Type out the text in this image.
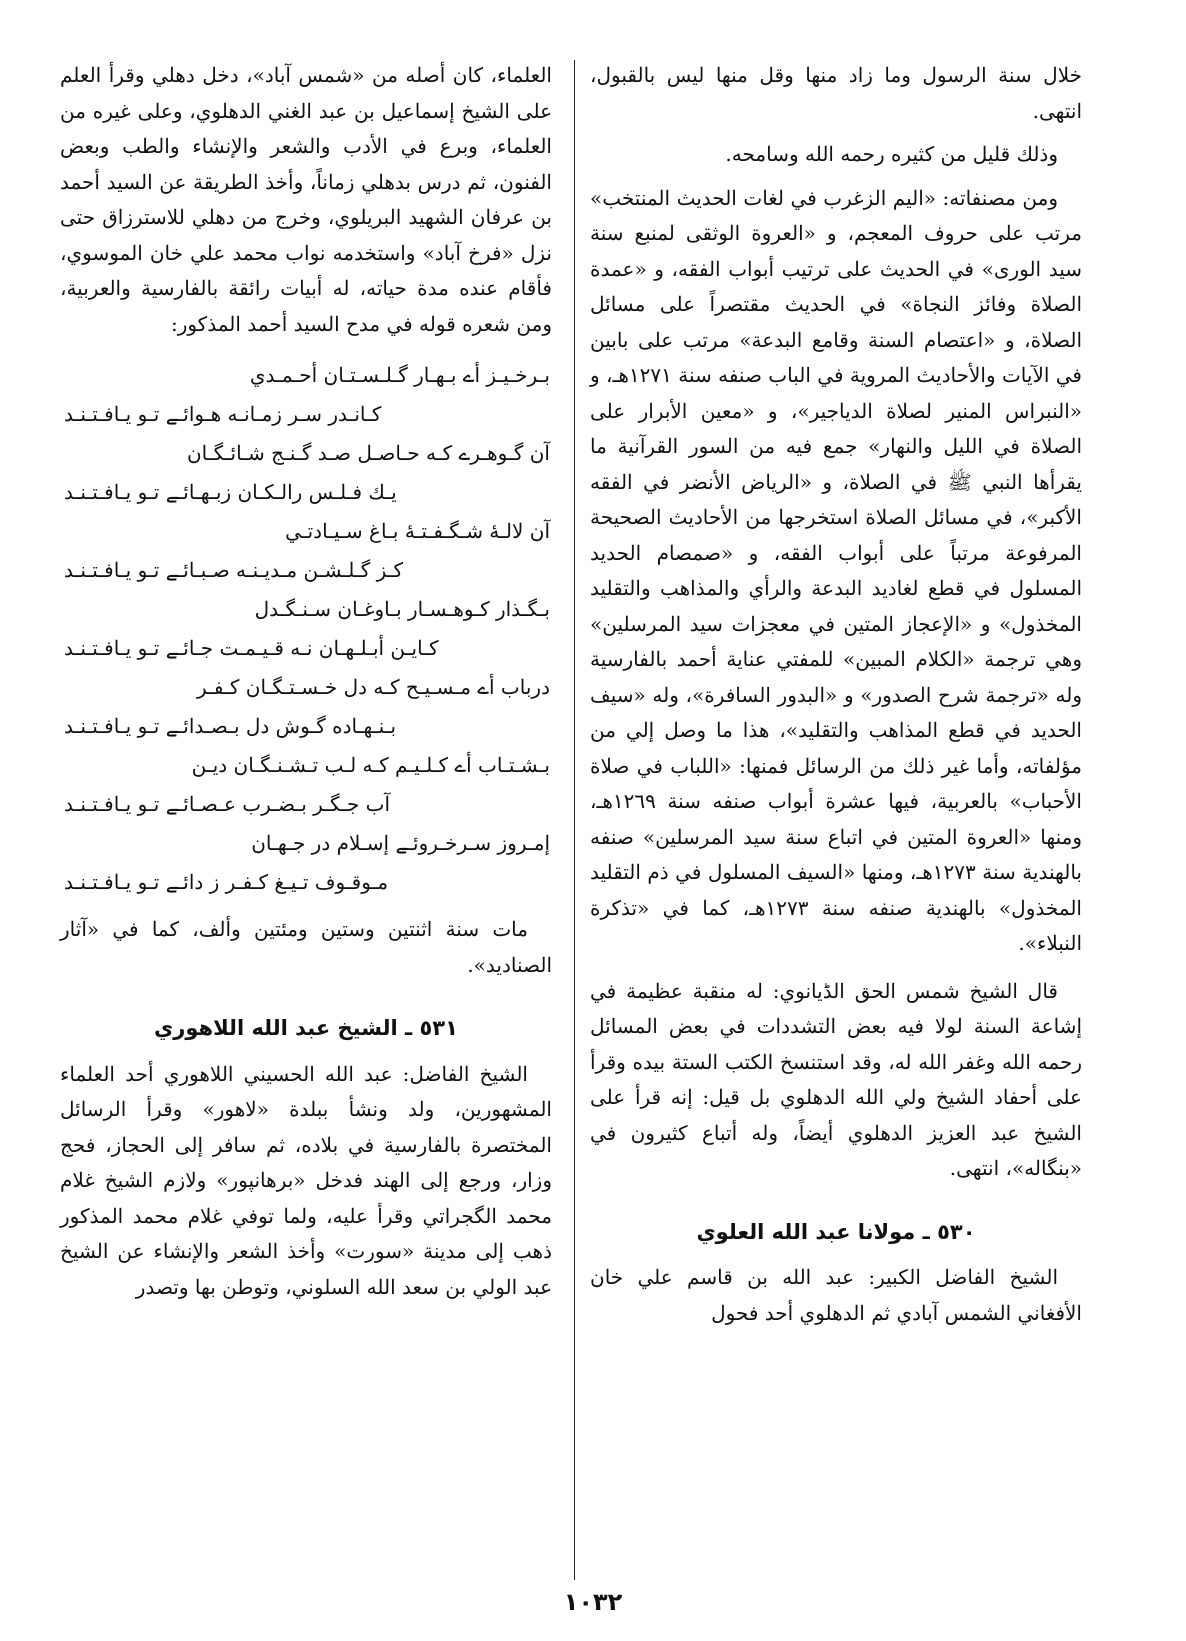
خلال سنة الرسول وما زاد منها وقل منها ليس بالقبول، انتهى.

وذلك قليل من كثيره رحمه الله وسامحه.

ومن مصنفاته: «اليم الزغرب في لغات الحديث المنتخب» مرتب على حروف المعجم، و «العروة الوثقى لمنبع سنة سيد الورى» في الحديث على ترتيب أبواب الفقه، و «عمدة الصلاة وفائز النجاة» في الحديث مقتصراً على مسائل الصلاة، و «اعتصام السنة وقامع البدعة» مرتب على بابين في الآيات والأحاديث المروية في الباب صنفه سنة ١٢٧١هـ، و «النبراس المنير لصلاة الدياجير»، و «معين الأبرار على الصلاة في الليل والنهار» جمع فيه من السور القرآنية ما يقرأها النبي ﷺ في الصلاة، و «الرياض الأنضر في الفقه الأكبر»، في مسائل الصلاة استخرجها من الأحاديث الصحيحة المرفوعة مرتباً على أبواب الفقه، و «صمصام الحديد المسلول في قطع لغاديد البدعة والرأي والمذاهب والتقليد المخذول» و «الإعجاز المتين في معجزات سيد المرسلين» وهي ترجمة «الكلام المبين» للمفتي عناية أحمد بالفارسية وله «ترجمة شرح الصدور» و «البدور السافرة»، وله «سيف الحديد في قطع المذاهب والتقليد»، هذا ما وصل إلي من مؤلفاته، وأما غير ذلك من الرسائل فمنها: «اللباب في صلاة الأحباب» بالعربية، فيها عشرة أبواب صنفه سنة ١٢٦٩هـ، ومنها «العروة المتين في اتباع سنة سيد المرسلين» صنفه بالهندية سنة ١٢٧٣هـ، ومنها «السيف المسلول في ذم التقليد المخذول» بالهندية صنفه سنة ١٢٧٣هـ، كما في «تذكرة النبلاء».

قال الشيخ شمس الحق الڈيانوي: له منقبة عظيمة في إشاعة السنة لولا فيه بعض التشددات في بعض المسائل رحمه الله وغفر الله له، وقد استنسخ الكتب الستة بيده وقرأ على أحفاد الشيخ ولي الله الدهلوي بل قيل: إنه قرأ على الشيخ عبد العزيز الدهلوي أيضاً، وله أتباع كثيرون في «بنگاله»، انتهى.

٥٣٠ ـ مولانا عبد الله العلوي

الشيخ الفاضل الكبير: عبد الله بن قاسم علي خان الأفغاني الشمس آبادي ثم الدهلوي أحد فحول

العلماء، كان أصله من «شمس آباد»، دخل دهلي وقرأ العلم على الشيخ إسماعيل بن عبد الغني الدهلوي، وعلى غيره من العلماء، وبرع في الأدب والشعر والإنشاء والطب وبعض الفنون، ثم درس بدهلي زماناً، وأخذ الطريقة عن السيد أحمد بن عرفان الشهيد البريلوي، وخرج من دهلي للاسترزاق حتى نزل «فرخ آباد» واستخدمه نواب محمد علي خان الموسوي، فأقام عنده مدة حياته، له أبيات رائقة بالفارسية والعربية، ومن شعره قوله في مدح السيد أحمد المذكور:

بـرخـيـز أے بـهـار گـلـسـتـان أحـمـدي
كـانـدر سـر زمـانـه هـوائـے تـو يـافـتـنـد
آن گـوهـرے كـه حـاصـل صـد گـنـج شـائـگـان
يـك فـلـس رالـكـان زبـهـائـے تـو يـافـتـنـد
آن لالـهٔ شـگـفـتـهٔ بـاغ سـيـادتـي
كـز گـلـشـن مـديـنـه صـبـائـے تـو يـافـتـنـد
بـگـذار كـوهـسـار بـاوغـان سـنـگـدل
كـايـن أبـلـهـان نـه قـيـمـت جـائـے تـو يـافـتـنـد
درباب أے مـسـيـح كـه دل خـسـتـگـان كـفـر
بـنـهـاده گـوش دل بـصـدائـے تـو يـافـتـنـد
بـشـتـاب أے كـلـيـم كـه لـب تـشـنـگـان ديـن
آب جـگـر بـضـرب عـصـائـے تـو يـافـتـنـد
إمـروز سـرخـروئـے إسـلام در جـهـان
مـوقـوف تـيـغ كـفـر ز دائـے تـو يـافـتـنـد

مات سنة اثنتين وستين ومئتين وألف، كما في «آثار الصناديد».

٥٣١ ـ الشيخ عبد الله اللاهوري

الشيخ الفاضل: عبد الله الحسيني اللاهوري أحد العلماء المشهورين، ولد ونشأ ببلدة «لاهور» وقرأ الرسائل المختصرة بالفارسية في بلاده، ثم سافر إلى الحجاز، فحج وزار، ورجع إلى الهند فدخل «برهانپور» ولازم الشيخ غلام محمد الگجراتي وقرأ عليه، ولما توفي غلام محمد المذكور ذهب إلى مدينة «سورت» وأخذ الشعر والإنشاء عن الشيخ عبد الولي بن سعد الله السلوني، وتوطن بها وتصدر

١٠٣٢
